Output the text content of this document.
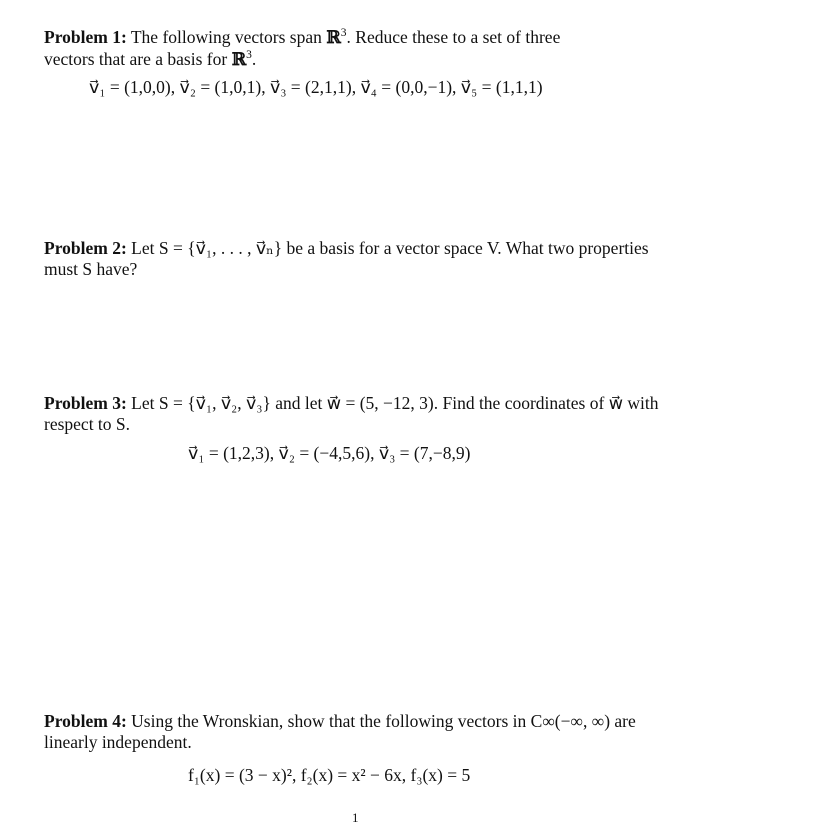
Problem 1: The following vectors span ℝ$^3$. Reduce these to a set of three
vectors that are a basis for ℝ$^3$.
v⃗₁ = (1,0,0), v⃗₂ = (1,0,1), v⃗₃ = (2,1,1), v⃗₄ = (0,0,−1), v⃗₅ = (1,1,1)
Problem 2: Let S = {v⃗₁, . . . , v⃗ₙ} be a basis for a vector space V. What two properties must S have?
Problem 3: Let S = {v⃗₁, v⃗₂, v⃗₃} and let w⃗ = (5, −12, 3). Find the coordinates of w⃗ with respect to S.
v⃗₁ = (1,2,3), v⃗₂ = (−4,5,6), v⃗₃ = (7,−8,9)
Problem 4: Using the Wronskian, show that the following vectors in C∞(−∞, ∞) are linearly independent.
f₁(x) = (3 − x)², f₂(x) = x² − 6x, f₃(x) = 5
1
